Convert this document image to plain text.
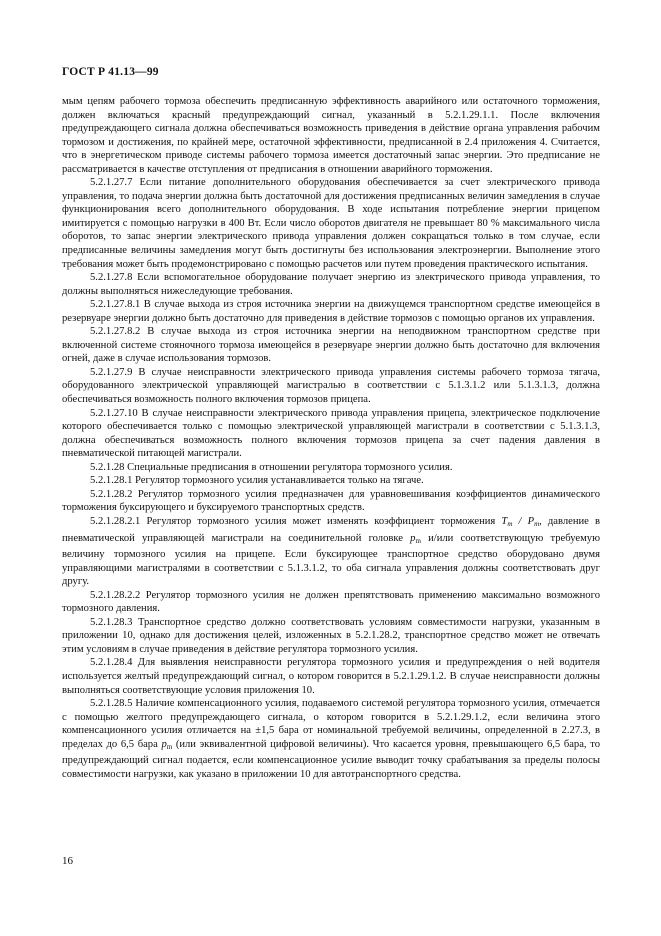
ГОСТ Р 41.13—99

мым цепям рабочего тормоза обеспечить предписанную эффективность аварийного или остаточного торможения, должен включаться красный предупреждающий сигнал, указанный в 5.2.1.29.1.1. После включения предупреждающего сигнала должна обеспечиваться возможность приведения в действие органа управления рабочим тормозом и достижения, по крайней мере, остаточной эффективности, предписанной в 2.4 приложения 4. Считается, что в энергетическом приводе системы рабочего тормоза имеется достаточный запас энергии. Это предписание не рассматривается в качестве отступления от предписания в отношении аварийного торможения.

5.2.1.27.7 Если питание дополнительного оборудования обеспечивается за счет электрического привода управления, то подача энергии должна быть достаточной для достижения предписанных величин замедления в случае функционирования всего дополнительного оборудования. В ходе испытания потребление энергии прицепом имитируется с помощью нагрузки в 400 Вт. Если число оборотов двигателя не превышает 80 % максимального числа оборотов, то запас энергии электрического привода управления должен сокращаться только в том случае, если предписанные величины замедления могут быть достигнуты без использования электроэнергии. Выполнение этого требования может быть продемонстрировано с помощью расчетов или путем проведения практического испытания.

5.2.1.27.8 Если вспомогательное оборудование получает энергию из электрического привода управления, то должны выполняться нижеследующие требования.

5.2.1.27.8.1 В случае выхода из строя источника энергии на движущемся транспортном средстве имеющейся в резервуаре энергии должно быть достаточно для приведения в действие тормозов с помощью органов их управления.

5.2.1.27.8.2 В случае выхода из строя источника энергии на неподвижном транспортном средстве при включенной системе стояночного тормоза имеющейся в резервуаре энергии должно быть достаточно для включения огней, даже в случае использования тормозов.

5.2.1.27.9 В случае неисправности электрического привода управления системы рабочего тормоза тягача, оборудованного электрической управляющей магистралью в соответствии с 5.1.3.1.2 или 5.1.3.1.3, должна обеспечиваться возможность полного включения тормозов прицепа.

5.2.1.27.10 В случае неисправности электрического привода управления прицепа, электрическое подключение которого обеспечивается только с помощью электрической управляющей магистрали в соответствии с 5.1.3.1.3, должна обеспечиваться возможность полного включения тормозов прицепа за счет падения давления в пневматической питающей магистрали.

5.2.1.28 Специальные предписания в отношении регулятора тормозного усилия.

5.2.1.28.1 Регулятор тормозного усилия устанавливается только на тягаче.

5.2.1.28.2 Регулятор тормозного усилия предназначен для уравновешивания коэффициентов динамического торможения буксирующего и буксируемого транспортных средств.

5.2.1.28.2.1 Регулятор тормозного усилия может изменять коэффициент торможения $T_m / P_m$, давление в пневматической управляющей магистрали на соединительной головке $p_m$ и/или соответствующую требуемую величину тормозного усилия на прицепе. Если буксирующее транспортное средство оборудовано двумя управляющими магистралями в соответствии с 5.1.3.1.2, то оба сигнала управления должны соответствовать друг другу.

5.2.1.28.2.2 Регулятор тормозного усилия не должен препятствовать применению максимально возможного тормозного давления.

5.2.1.28.3 Транспортное средство должно соответствовать условиям совместимости нагрузки, указанным в приложении 10, однако для достижения целей, изложенных в 5.2.1.28.2, транспортное средство может не отвечать этим условиям в случае приведения в действие регулятора тормозного усилия.

5.2.1.28.4 Для выявления неисправности регулятора тормозного усилия и предупреждения о ней водителя используется желтый предупреждающий сигнал, о котором говорится в 5.2.1.29.1.2. В случае неисправности должны выполняться соответствующие условия приложения 10.

5.2.1.28.5 Наличие компенсационного усилия, подаваемого системой регулятора тормозного усилия, отмечается с помощью желтого предупреждающего сигнала, о котором говорится в 5.2.1.29.1.2, если величина этого компенсационного усилия отличается на ±1,5 бара от номинальной требуемой величины, определенной в 2.27.3, в пределах до 6,5 бара $p_m$ (или эквивалентной цифровой величины). Что касается уровня, превышающего 6,5 бара, то предупреждающий сигнал подается, если компенсационное усилие выводит точку срабатывания за пределы полосы совместимости нагрузки, как указано в приложении 10 для автотранспортного средства.

16
